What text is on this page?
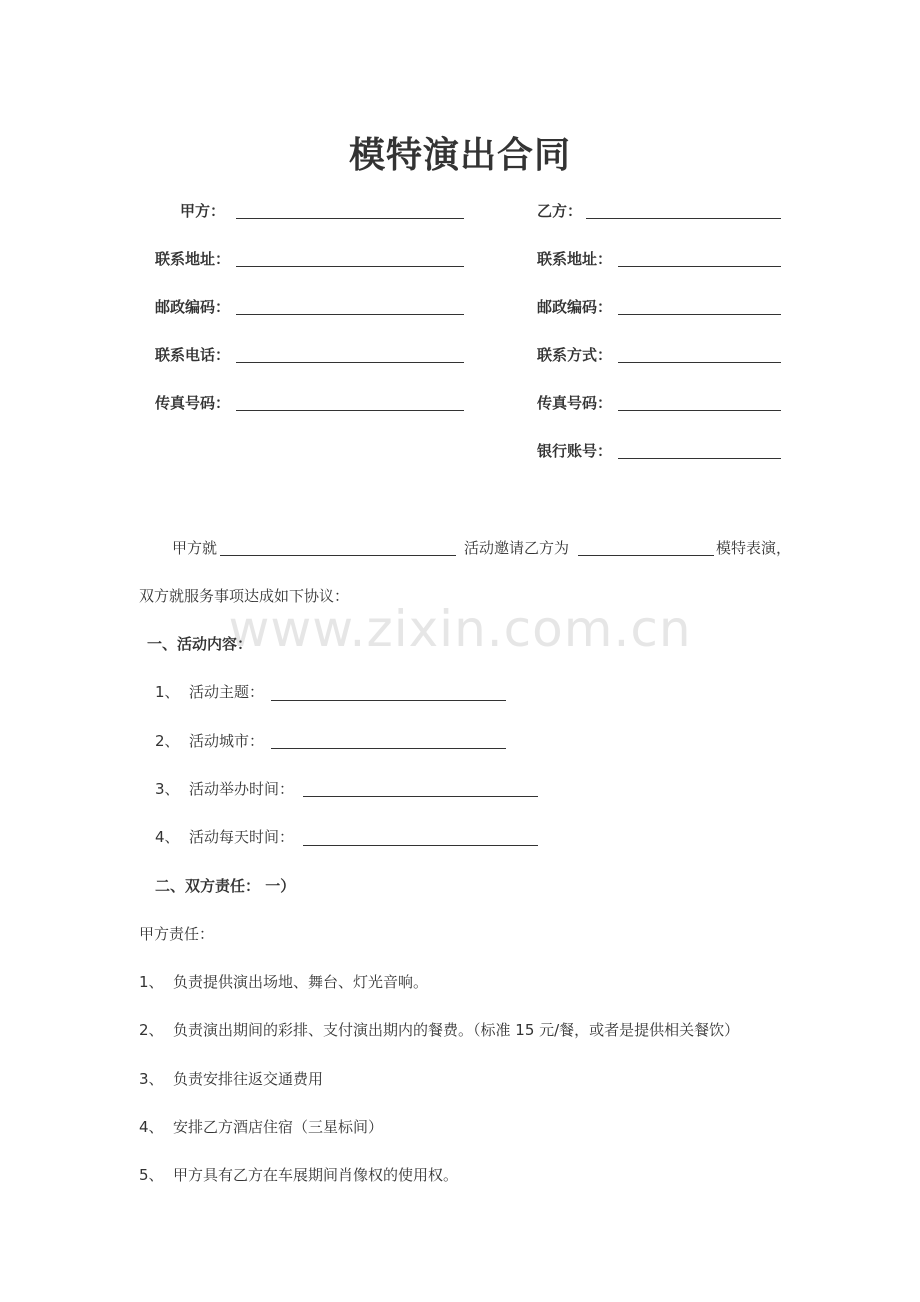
模特演出合同
甲方：
联系地址：
邮政编码：
联系电话：
传真号码：
乙方：
联系地址：
邮政编码：
联系方式：
传真号码：
银行账号：
甲方就	活动邀请乙方为	模特表演，
双方就服务事项达成如下协议：
www.zixin.com.cn
一、活动内容：
1、 活动主题：
2、 活动城市：
3、 活动举办时间：
4、 活动每天时间：
二、双方责任： 一）
甲方责任：
1、 负责提供演出场地、舞台、灯光音响。
2、 负责演出期间的彩排、支付演出期内的餐费。（标准 15 元/餐，或者是提供相关餐饮）
3、 负责安排往返交通费用
4、 安排乙方酒店住宿（三星标间）
5、 甲方具有乙方在车展期间肖像权的使用权。
